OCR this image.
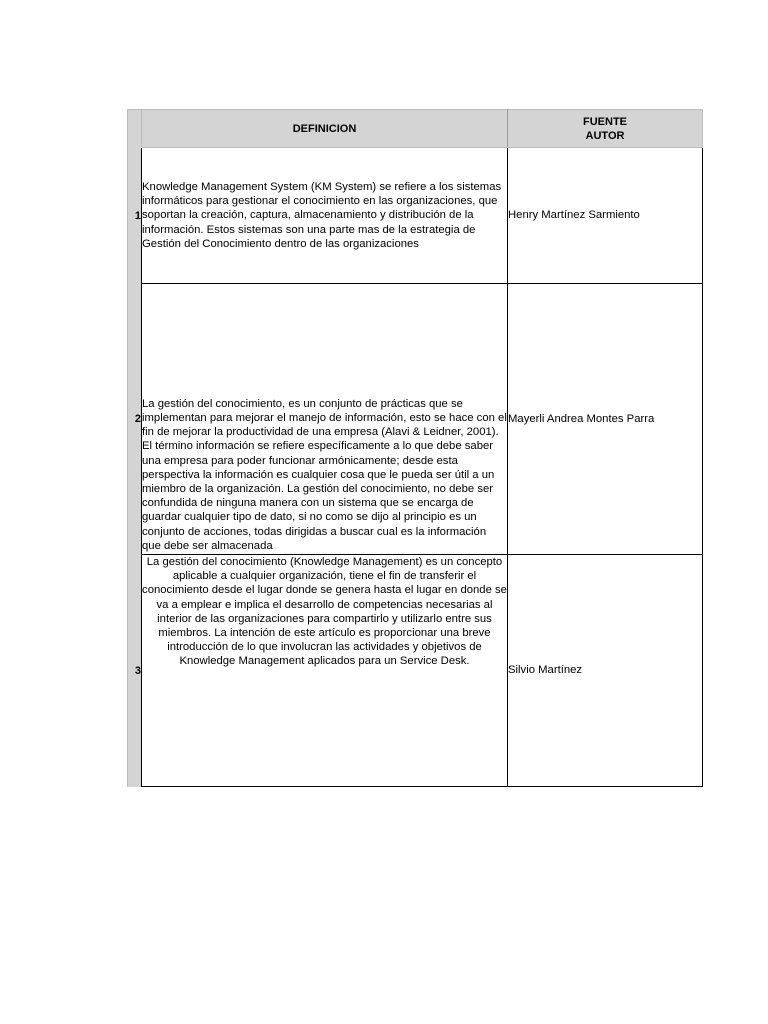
	DEFINICION	FUENTE
AUTOR

1	Knowledge Management System (KM System) se refiere a los sistemas informáticos para gestionar el conocimiento en las organizaciones, que soportan la creación, captura, almacenamiento y distribución de la información. Estos sistemas son una parte mas de la estrategia de Gestión del Conocimiento dentro de las organizaciones	Henry Martínez Sarmiento
2	La gestión del conocimiento, es un conjunto de prácticas que se implementan para mejorar el manejo de información, esto se hace con el fin de mejorar la productividad de una empresa (Alavi & Leidner, 2001). El término información se refiere específicamente a lo que debe saber una empresa para poder funcionar armónicamente; desde esta perspectiva la información es cualquier cosa que le pueda ser útil a un miembro de la organización. La gestión del conocimiento, no debe ser confundida de ninguna manera con un sistema que se encarga de guardar cualquier tipo de dato, si no como se dijo al principio es un conjunto de acciones, todas dirigidas a buscar cual es la información que debe ser almacenada	Mayerli Andrea Montes Parra
3	La gestión del conocimiento (Knowledge Management) es un concepto aplicable a cualquier organización, tiene el fin de transferir el conocimiento desde el lugar donde se genera hasta el lugar en donde se va a emplear e implica el desarrollo de competencias necesarias al interior de las organizaciones para compartirlo y utilizarlo entre sus miembros. La intención de este artículo es proporcionar una breve introducción de lo que involucran las actividades y objetivos de Knowledge Management aplicados para un Service Desk.	Silvio Martínez
